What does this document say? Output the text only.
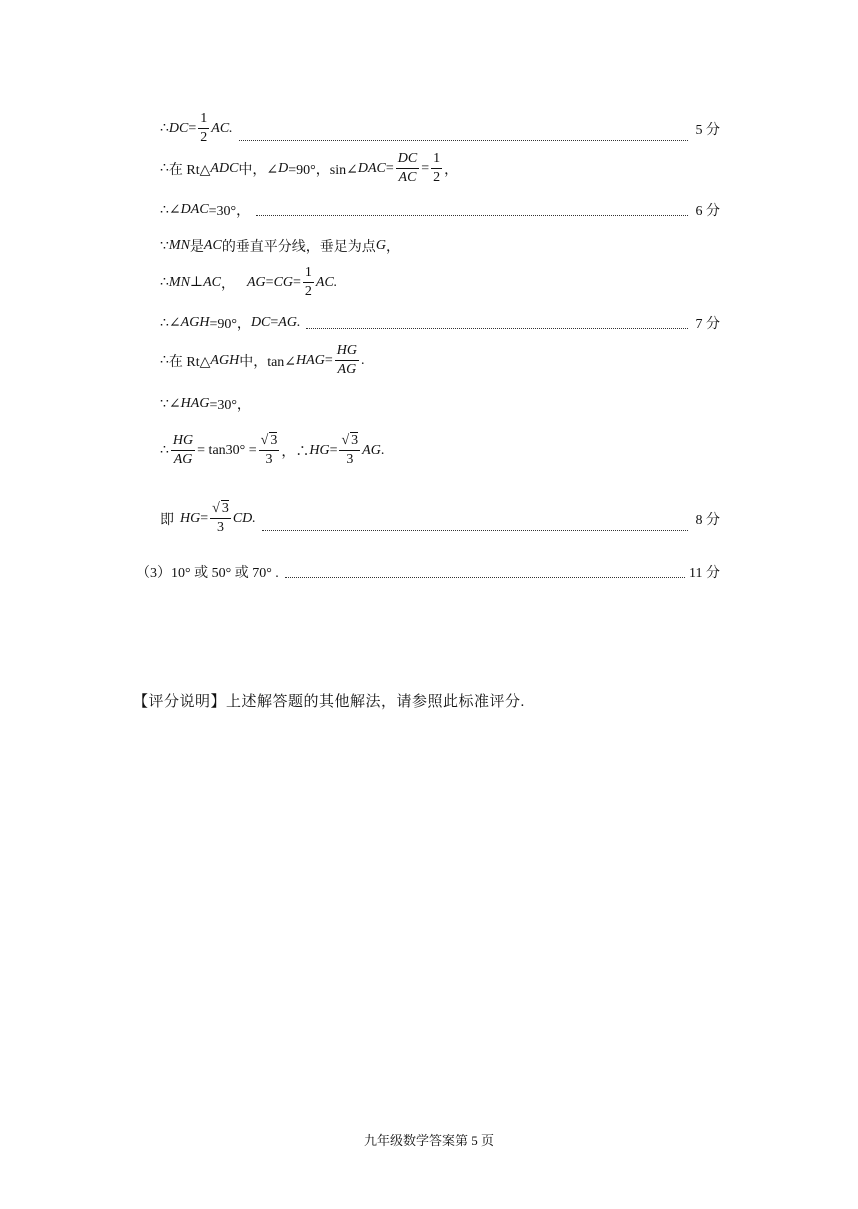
∴ DC = $\frac{1}{2}$ AC.	5 分
∴ 在 Rt△ ADC 中，∠ D =90°，sin∠ DAC = $\frac{DC}{AC} = \frac{1}{2}$ ，
∴ ∠ DAC =30°，	6 分
∵ MN 是 AC 的垂直平分线，垂足为点 G ，
∴ MN ⊥ AC ， AG = CG = $\frac{1}{2}$ AC.
∴ ∠ AGH =90°， DC = AG.	7 分
∴ 在 Rt△ AGH 中，tan∠ HAG = $\frac{HG}{AG}$ .
∵ ∠ HAG =30°，
∴ $\frac{HG}{AG} = \tan 30^\circ = \frac{√ 3}{3}$ ，∴ HG = $\frac{√ 3}{3}$ AG .
即 HG = $\frac{√ 3}{3}$ CD.	8 分
（3）10° 或 50° 或 70° .	11 分
【评分说明】上述解答题的其他解法，请参照此标准评分.
九年级数学答案第 5 页
